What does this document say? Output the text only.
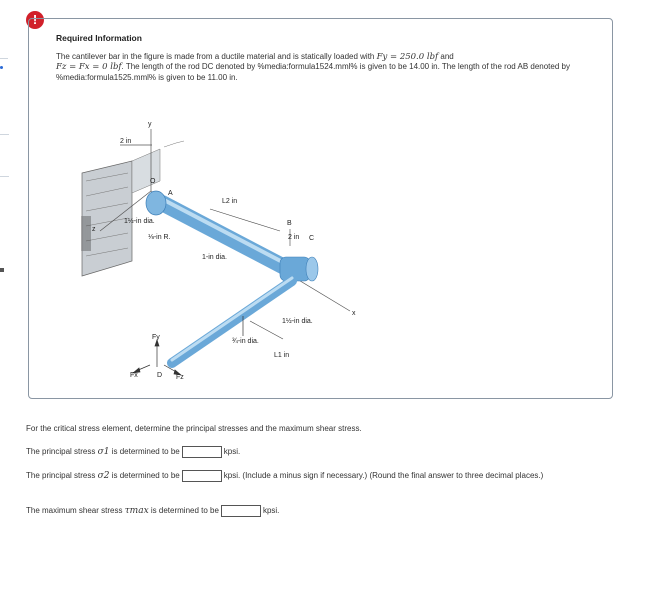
!
Required Information
The cantilever bar in the figure is made from a ductile material and is statically loaded with Fy = 250.0 lbf and
Fz = Fx = 0 lbf. The length of the rod DC denoted by %media:formula1524.mml% is given to be 14.00 in. The length of the rod AB denoted by %media:formula1525.mml% is given to be 11.00 in.
2 in
y
O
A
B
C
D
x
z
L2 in
L1 in
1½-in dia.
⅛-in R.
1-in dia.
2 in
1½-in dia.
¾-in dia.
Fy
Fx	Fz
For the critical stress element, determine the principal stresses and the maximum shear stress.
The principal stress σ1 is determined to be	kpsi.
The principal stress σ2 is determined to be	kpsi. (Include a minus sign if necessary.) (Round the final answer to three decimal places.)
The maximum shear stress τmax is determined to be	kpsi.
